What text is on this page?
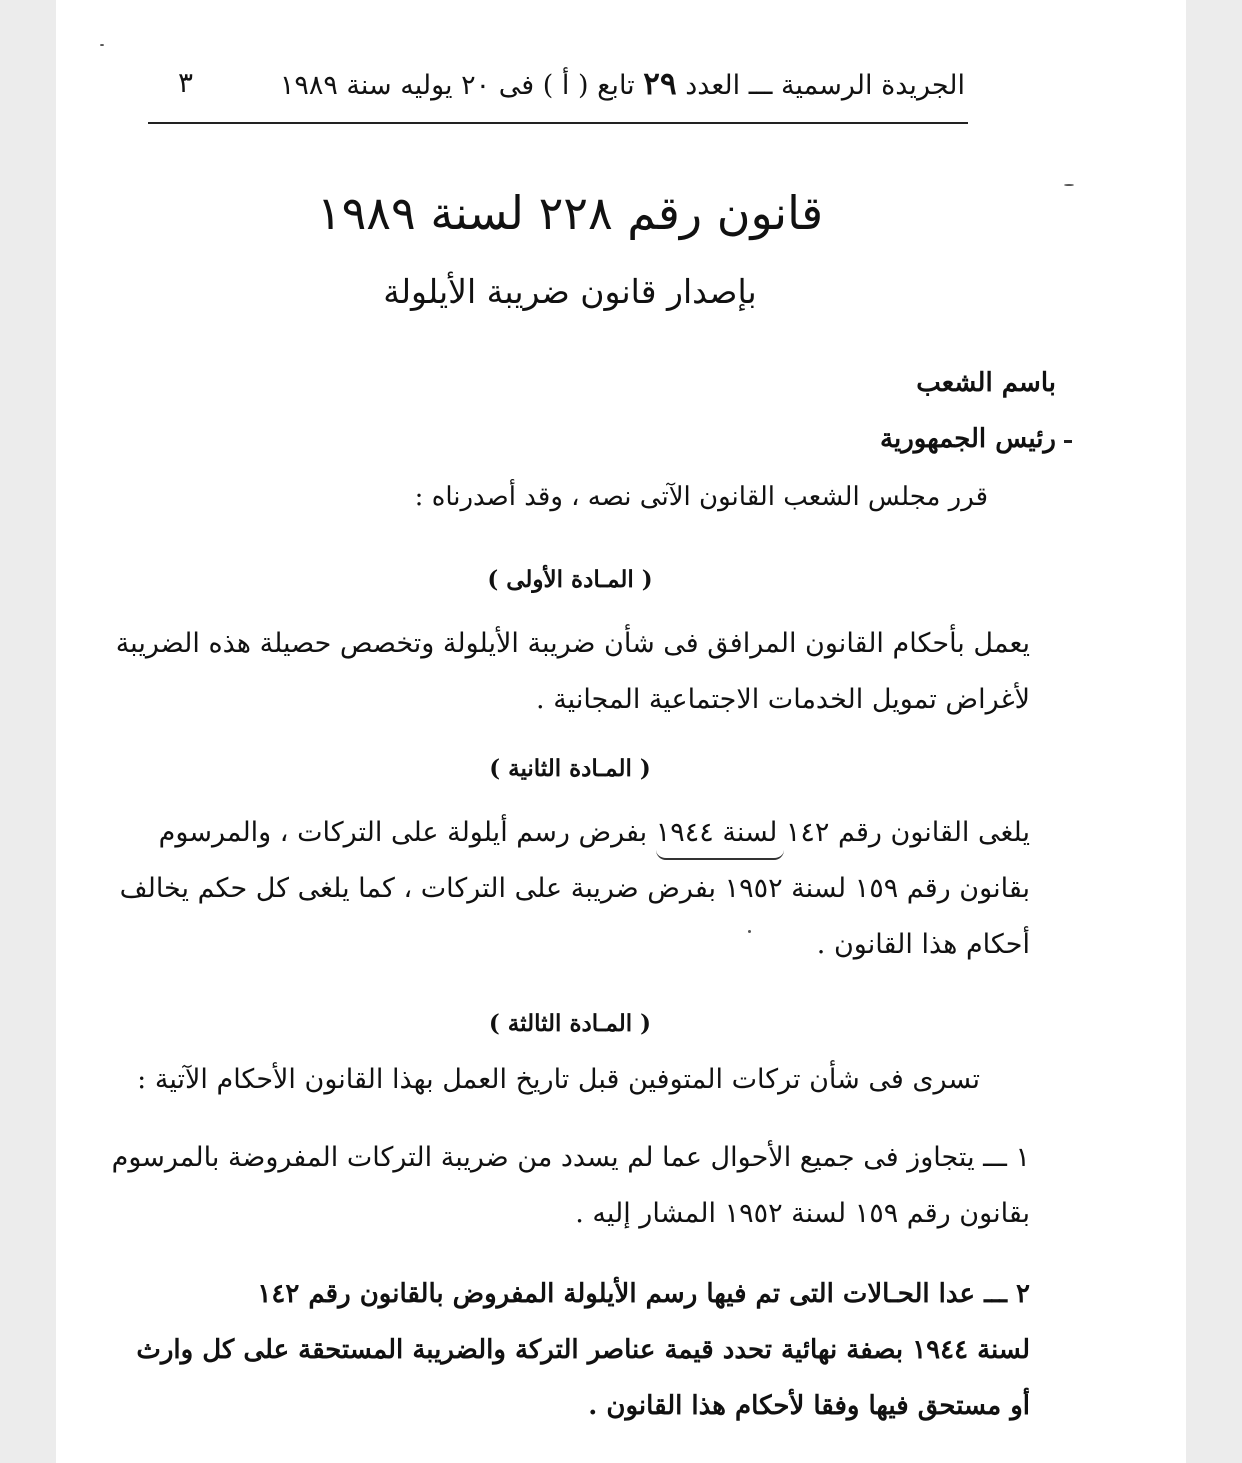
الجريدة الرسمية ـــ العدد ٢٩ تابع ( أ ) فى ٢٠ يوليه سنة ١٩٨٩
٣
قانون رقم ٢٢٨ لسنة ١٩٨٩
بإصدار قانون ضريبة الأيلولة
باسم الشعب
رئيس الجمهورية
قرر مجلس الشعب القانون الآتى نصه ، وقد أصدرناه :
( المـادة الأولى )
يعمل بأحكام القانون المرافق فى شأن ضريبة الأيلولة وتخصص حصيلة هذه الضريبة
لأغراض تمويل الخدمات الاجتماعية المجانية .
( المـادة الثانية )
يلغى القانون رقم ١٤٢ لسنة ١٩٤٤ بفرض رسم أيلولة على التركات ، والمرسوم
بقانون رقم ١٥٩ لسنة ١٩٥٢ بفرض ضريبة على التركات ، كما يلغى كل حكم يخالف
أحكام هذا القانون .
( المـادة الثالثة )
تسرى فى شأن تركات المتوفين قبل تاريخ العمل بهذا القانون الأحكام الآتية :
١ ـــ يتجاوز فى جميع الأحوال عما لم يسدد من ضريبة التركات المفروضة بالمرسوم
بقانون رقم ١٥٩ لسنة ١٩٥٢ المشار إليه .
٢ ـــ عدا الحـالات التى تم فيها رسم الأيلولة المفروض بالقانون رقم ١٤٢
لسنة ١٩٤٤ بصفة نهائية تحدد قيمة عناصر التركة والضريبة المستحقة على كل وارث
أو مستحق فيها وفقا لأحكام هذا القانون .
